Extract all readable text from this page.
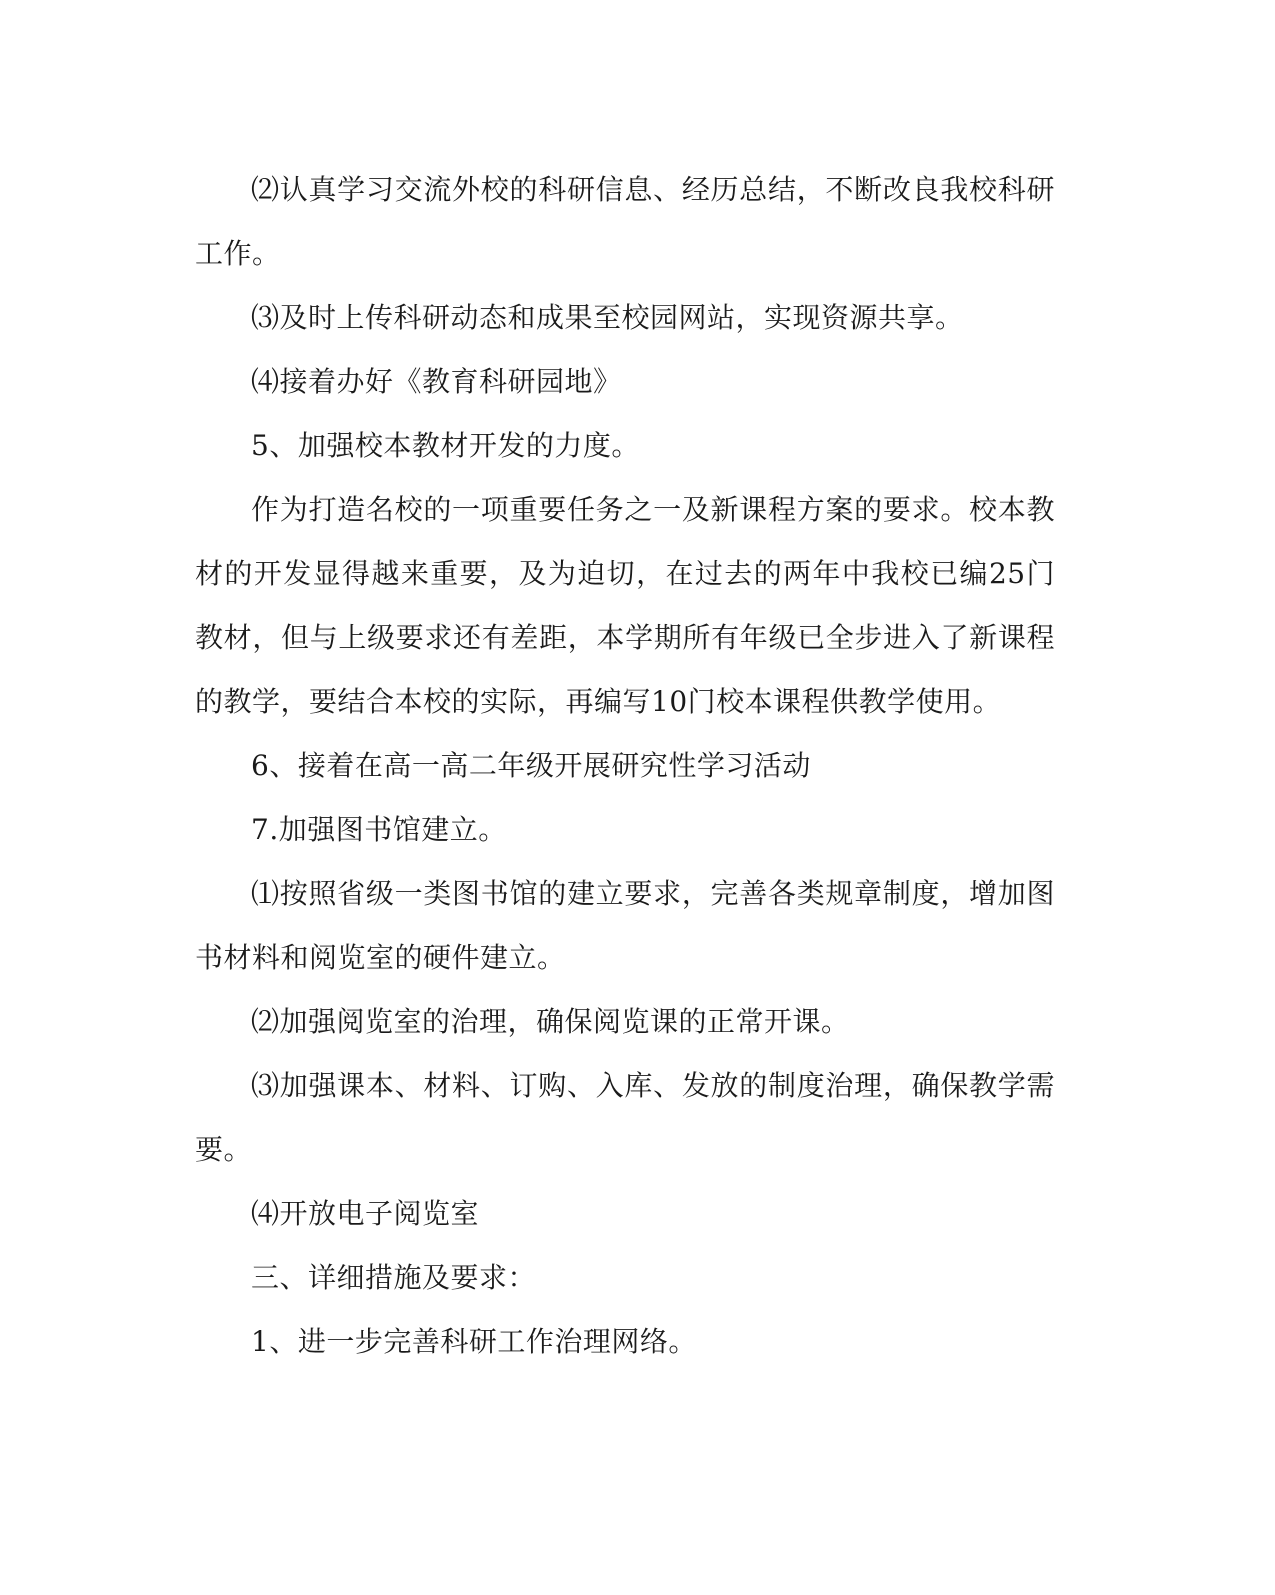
⑵认真学习交流外校的科研信息、经历总结，不断改良我校科研工作。

⑶及时上传科研动态和成果至校园网站，实现资源共享。

⑷接着办好《教育科研园地》

5、加强校本教材开发的力度。

作为打造名校的一项重要任务之一及新课程方案的要求。校本教材的开发显得越来重要，及为迫切，在过去的两年中我校已编25门教材，但与上级要求还有差距，本学期所有年级已全步进入了新课程的教学，要结合本校的实际，再编写10门校本课程供教学使用。

6、接着在高一高二年级开展研究性学习活动

7.加强图书馆建立。

⑴按照省级一类图书馆的建立要求，完善各类规章制度，增加图书材料和阅览室的硬件建立。

⑵加强阅览室的治理，确保阅览课的正常开课。

⑶加强课本、材料、订购、入库、发放的制度治理，确保教学需要。

⑷开放电子阅览室

三、详细措施及要求：

1、进一步完善科研工作治理网络。
